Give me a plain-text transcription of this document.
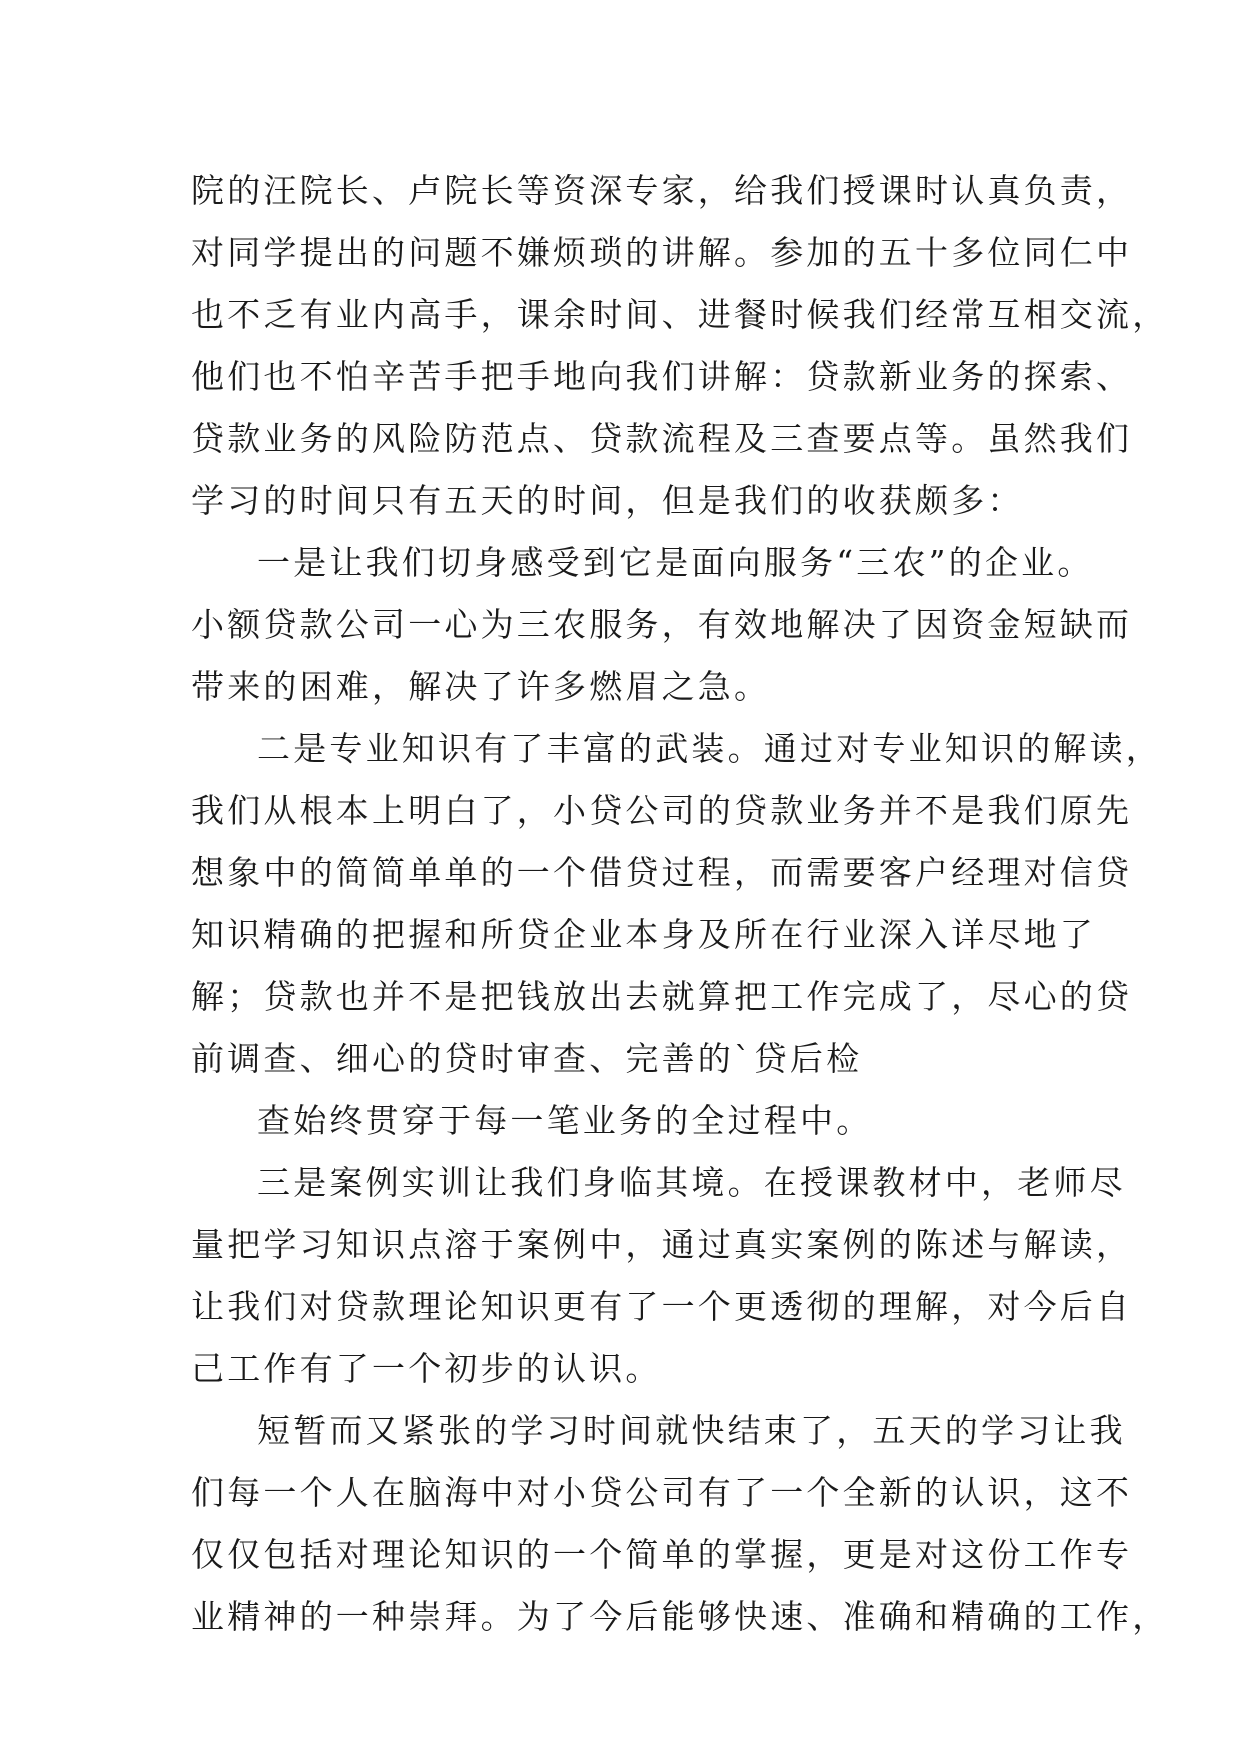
院的汪院长、卢院长等资深专家，给我们授课时认真负责，
对同学提出的问题不嫌烦琐的讲解。参加的五十多位同仁中
也不乏有业内高手，课余时间、进餐时候我们经常互相交流，
他们也不怕辛苦手把手地向我们讲解：贷款新业务的探索、
贷款业务的风险防范点、贷款流程及三查要点等。虽然我们
学习的时间只有五天的时间，但是我们的收获颇多：
一是让我们切身感受到它是面向服务“三农”的企业。
小额贷款公司一心为三农服务，有效地解决了因资金短缺而
带来的困难，解决了许多燃眉之急。
二是专业知识有了丰富的武装。通过对专业知识的解读，
我们从根本上明白了，小贷公司的贷款业务并不是我们原先
想象中的简简单单的一个借贷过程，而需要客户经理对信贷
知识精确的把握和所贷企业本身及所在行业深入详尽地了
解；贷款也并不是把钱放出去就算把工作完成了，尽心的贷
前调查、细心的贷时审查、完善的`贷后检
查始终贯穿于每一笔业务的全过程中。
三是案例实训让我们身临其境。在授课教材中，老师尽
量把学习知识点溶于案例中，通过真实案例的陈述与解读，
让我们对贷款理论知识更有了一个更透彻的理解，对今后自
己工作有了一个初步的认识。
短暂而又紧张的学习时间就快结束了，五天的学习让我
们每一个人在脑海中对小贷公司有了一个全新的认识，这不
仅仅包括对理论知识的一个简单的掌握，更是对这份工作专
业精神的一种崇拜。为了今后能够快速、准确和精确的工作，
